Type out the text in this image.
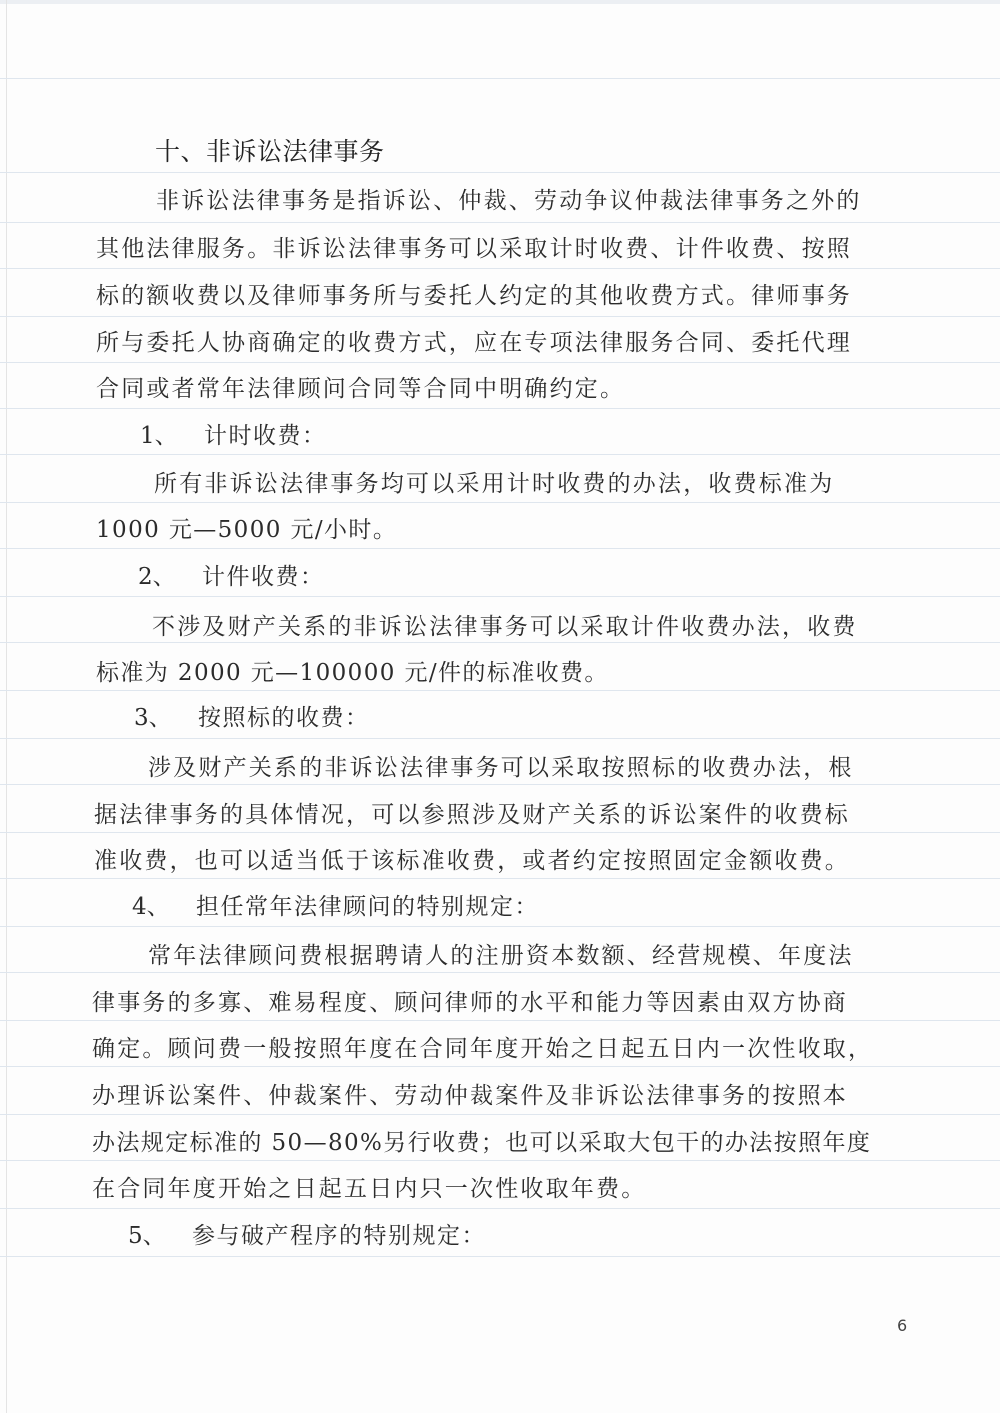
十、非诉讼法律事务
非诉讼法律事务是指诉讼、仲裁、劳动争议仲裁法律事务之外的
其他法律服务。非诉讼法律事务可以采取计时收费、计件收费、按照
标的额收费以及律师事务所与委托人约定的其他收费方式。律师事务
所与委托人协商确定的收费方式，应在专项法律服务合同、委托代理
合同或者常年法律顾问合同等合同中明确约定。
1、 计时收费：
所有非诉讼法律事务均可以采用计时收费的办法，收费标准为
1000 元—5000 元/小时。
2、 计件收费：
不涉及财产关系的非诉讼法律事务可以采取计件收费办法，收费
标准为 2000 元—100000 元/件的标准收费。
3、 按照标的收费：
涉及财产关系的非诉讼法律事务可以采取按照标的收费办法，根
据法律事务的具体情况，可以参照涉及财产关系的诉讼案件的收费标
准收费，也可以适当低于该标准收费，或者约定按照固定金额收费。
4、 担任常年法律顾问的特别规定：
常年法律顾问费根据聘请人的注册资本数额、经营规模、年度法
律事务的多寡、难易程度、顾问律师的水平和能力等因素由双方协商
确定。顾问费一般按照年度在合同年度开始之日起五日内一次性收取，
办理诉讼案件、仲裁案件、劳动仲裁案件及非诉讼法律事务的按照本
办法规定标准的 50—80%另行收费；也可以采取大包干的办法按照年度
在合同年度开始之日起五日内只一次性收取年费。
5、 参与破产程序的特别规定：
6
